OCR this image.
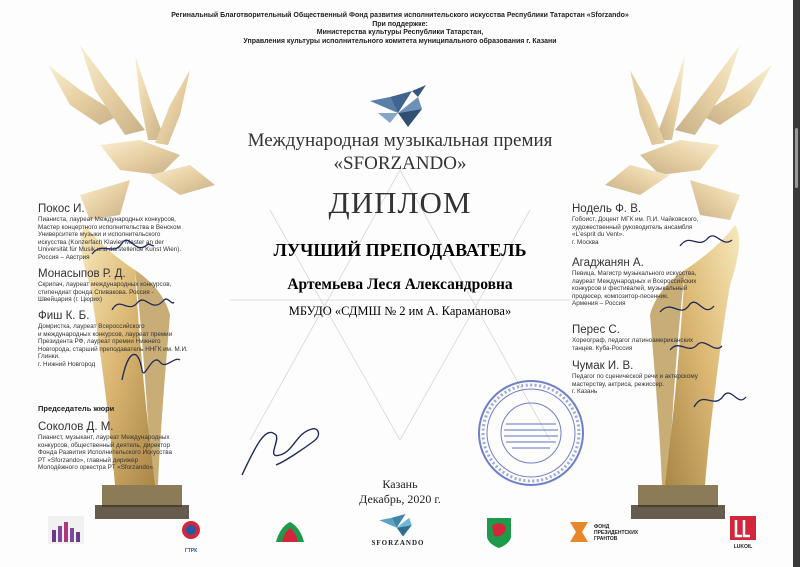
Регинальный Благотворительный Общественный Фонд развития исполнительского искусства Республики Татарстан «Sforzando»
При поддержке:
Министерства культуры Республики Татарстан,
Управления культуры исполнительного комитета муниципального образования г. Казани
Международная музыкальная премия
«SFORZANDO»
ДИПЛОМ
ЛУЧШИЙ ПРЕПОДАВАТЕЛЬ
Артемьева Леся Александровна
МБУДО «СДМШ № 2 им А. Карамановa»
Покос И.
Пианиста, лауреат Международных конкурсов,
Мастер концертного исполнительства в Венском
Университете музыки и исполнительского
искусства (Konzerfach Klavier Master an der
Universität für Musik und darstellende Kunst Wien).
Россия – Австрия
Монасыпов Р. Д.
Скрипач, лауреат международных конкурсов,
стипендиат фонда Спивакова. Россия -
Швейцария (г. Цюрих)
Фиш К. Б.
Домристка, лауреат Всероссийского
и международных конкурсов, лауреат премии
Президента РФ, лауреат премии Нижнего
Новгорода, старший преподаватель ННГК им. М.И.
Глинки.
г. Нижний Новгород
Председатель жюри
Соколов Д. М.
Пианист, музыкант, лауреат Международных
конкурсов, общественный деятель, директор
Фонда Развития Исполнительского Искусства
РТ «Sforzando», главный дирижер
Молодёжного оркестра РТ «Sforzando».
Нодель Ф. В.
Гобоист, Доцент МГК им. П.И. Чайковского,
художественный руководитель ансамбля
«L'esprit du Vent».
г. Москва
Агаджанян А.
Певица, Магистр музыкального искусства,
лауреат Международных и Всероссийских
конкурсов и фестивалей, музыкальный
продюсер, композитор-песенник.
Армения – Россия
Перес С.
Хореограф, педагог латиноамериканских
танцев. Куба-Россия
Чумак И. В.
Педагог по сценической речи и актерскому
мастерству, актриса, режиссер.
г. Казань
Казань
Декабрь, 2020 г.
ГТРК
SFORZANDO
ФОНД
ПРЕЗИДЕНТСКИХ
ГРАНТОВ
LUKOIL
